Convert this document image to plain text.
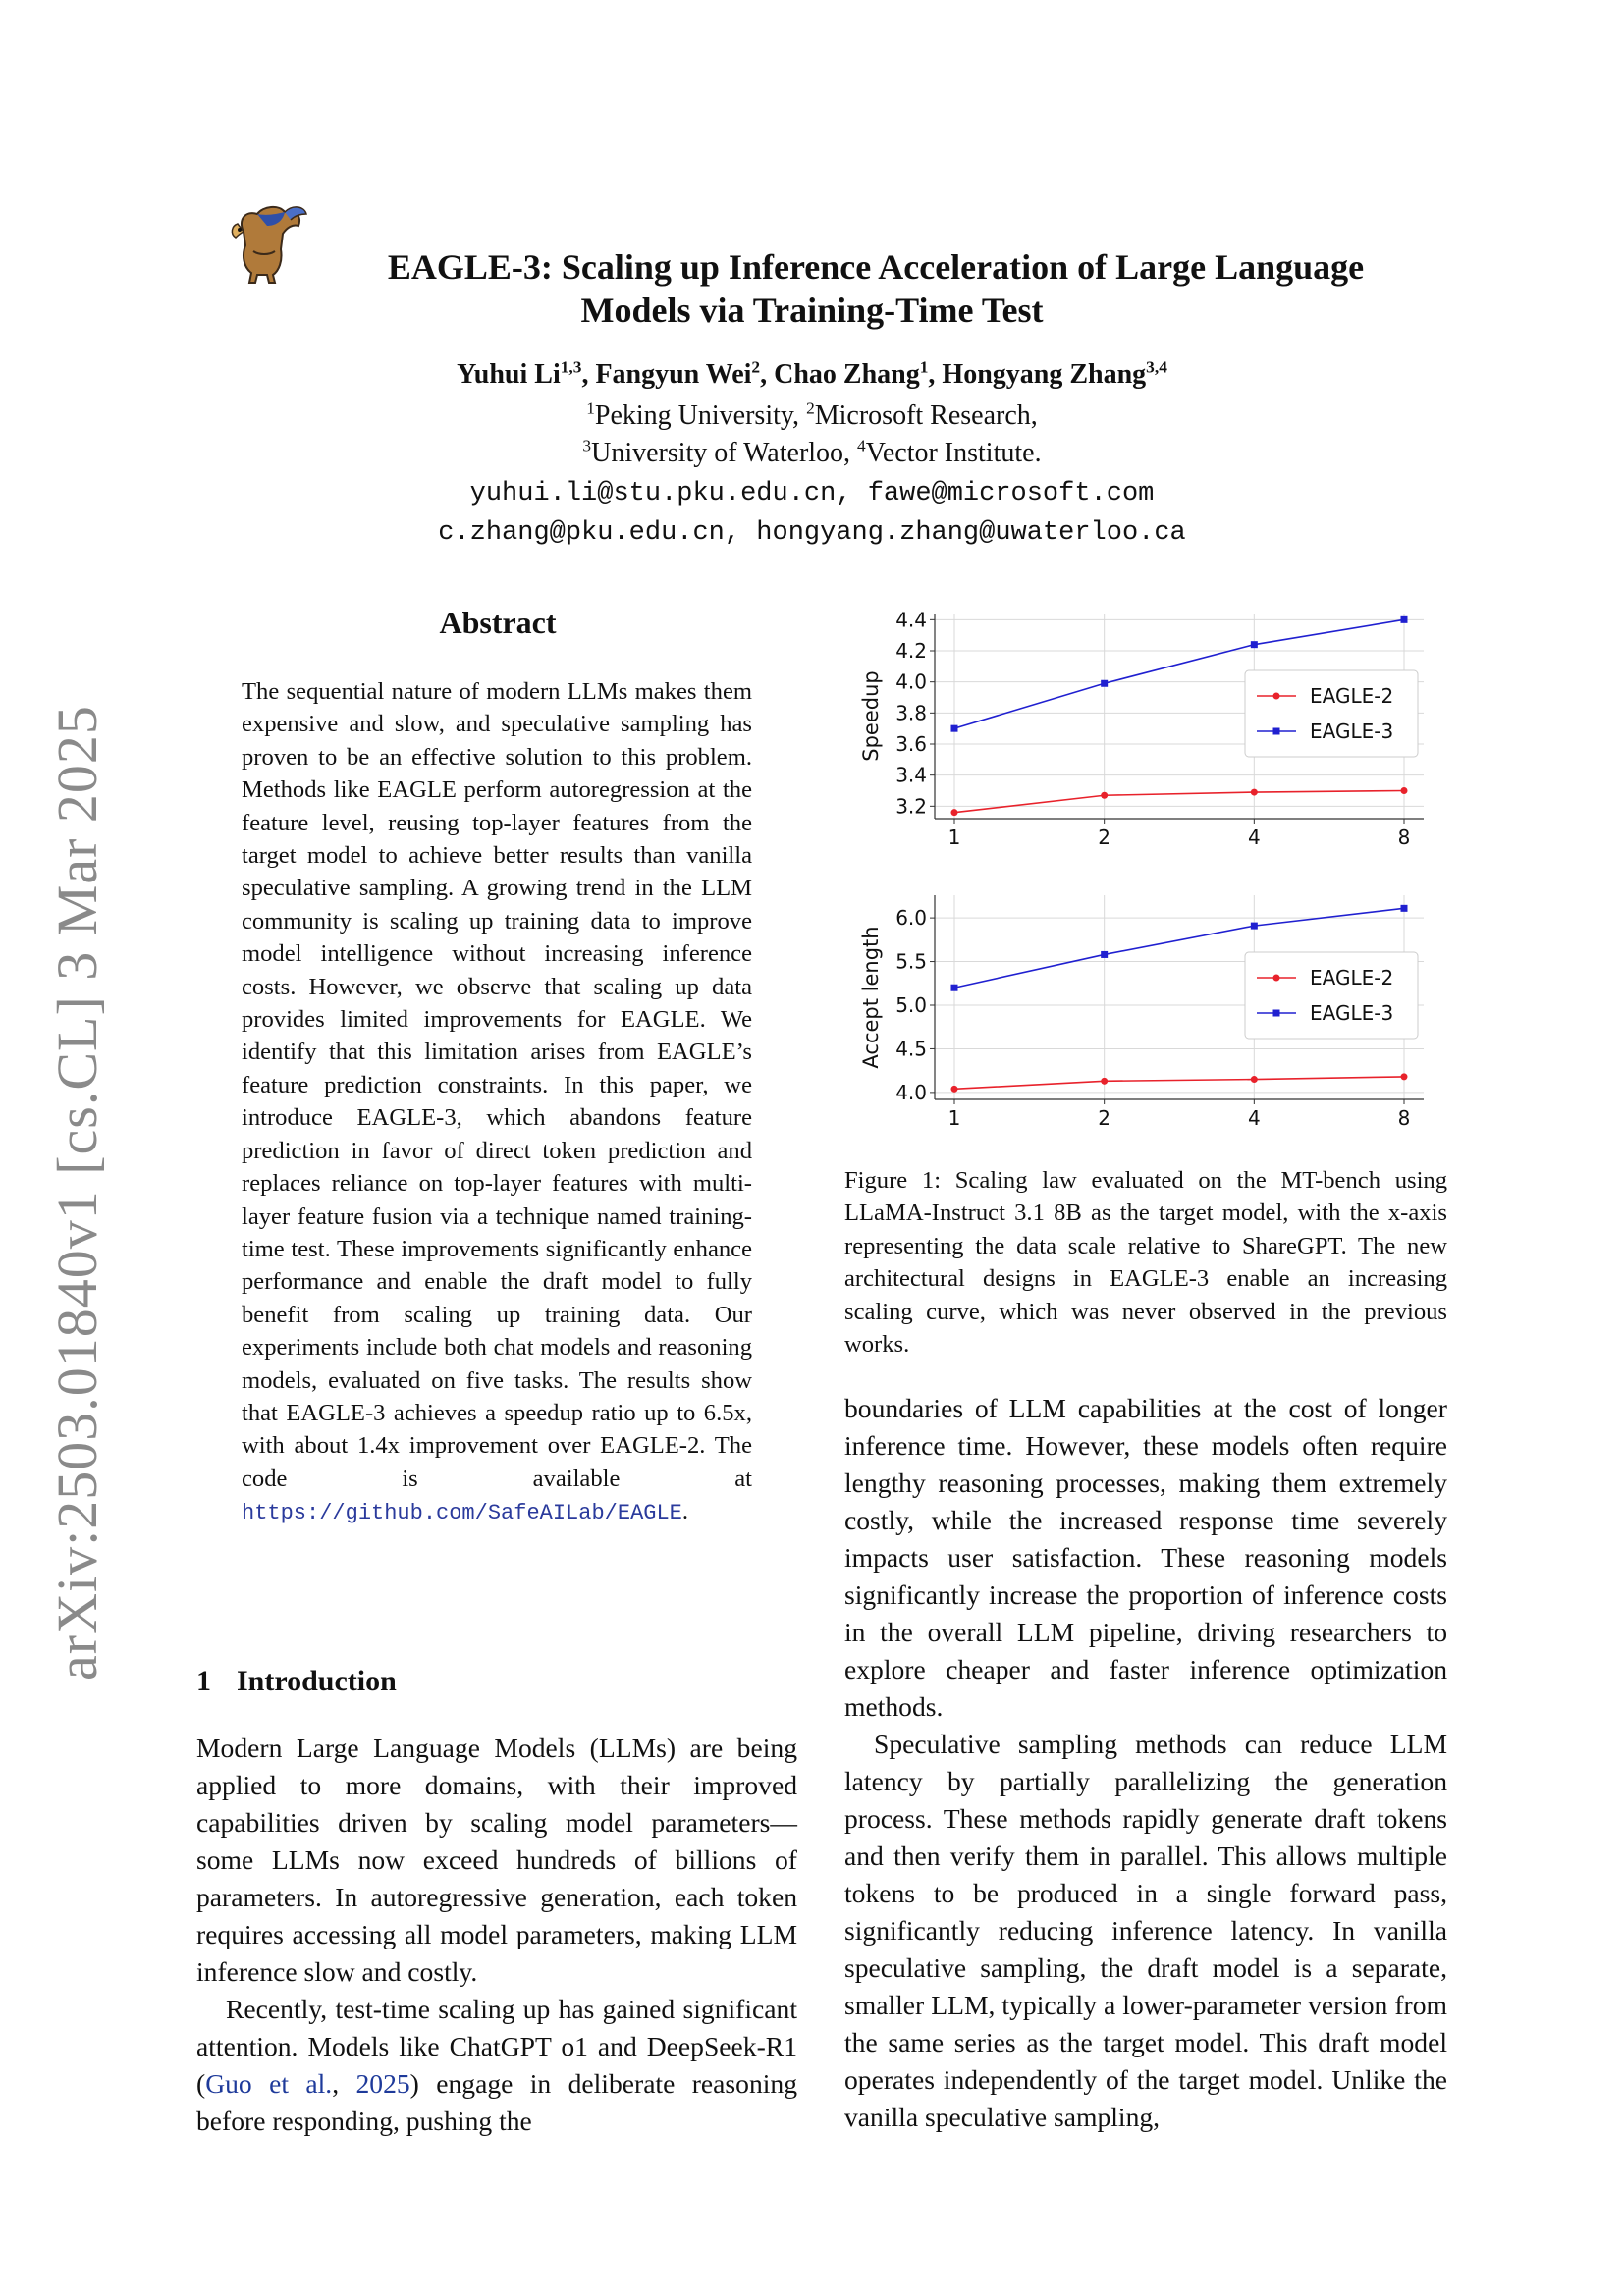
arXiv:2503.01840v1 [cs.CL] 3 Mar 2025
EAGLE-3: Scaling up Inference Acceleration of Large Language
Models via Training-Time Test
Yuhui Li$^{1,3}$, Fangyun Wei$^2$, Chao Zhang$^1$, Hongyang Zhang$^{3,4}$
$^1$Peking University, $^2$Microsoft Research,
$^3$University of Waterloo, $^4$Vector Institute.
yuhui.li@stu.pku.edu.cn, fawe@microsoft.com
c.zhang@pku.edu.cn, hongyang.zhang@uwaterloo.ca
Abstract
The sequential nature of modern LLMs makes them expensive and slow, and speculative sampling has proven to be an effective solution to this problem. Methods like EAGLE perform autoregression at the feature level, reusing top-layer features from the target model to achieve better results than vanilla speculative sampling. A growing trend in the LLM community is scaling up training data to improve model intelligence without increasing inference costs. However, we observe that scaling up data provides limited improvements for EAGLE. We identify that this limitation arises from EAGLE’s feature prediction constraints. In this paper, we introduce EAGLE-3, which abandons feature prediction in favor of direct token prediction and replaces reliance on top-layer features with multi-layer feature fusion via a technique named training-time test. These improvements significantly enhance performance and enable the draft model to fully benefit from scaling up training data. Our experiments include both chat models and reasoning models, evaluated on five tasks. The results show that EAGLE-3 achieves a speedup ratio up to 6.5x, with about 1.4x improvement over EAGLE-2. The code is available at https://github.com/SafeAILab/EAGLE.
1 Introduction

Modern Large Language Models (LLMs) are being applied to more domains, with their improved capabilities driven by scaling model parameters—some LLMs now exceed hundreds of billions of parameters. In autoregressive generation, each token requires accessing all model parameters, making LLM inference slow and costly.

Recently, test-time scaling up has gained significant attention. Models like ChatGPT o1 and DeepSeek-R1 (Guo et al., 2025) engage in deliberate reasoning before responding, pushing the

3.2
3.4
3.6
3.8
4.0
4.2
4.4
1	2	4	8
Speedup	EAGLE-2
EAGLE-3
4.0
4.5
5.0
5.5
6.0
1	2	4	8
Accept length	EAGLE-2
EAGLE-3
Figure 1: Scaling law evaluated on the MT-bench using LLaMA-Instruct 3.1 8B as the target model, with the x-axis representing the data scale relative to ShareGPT. The new architectural designs in EAGLE-3 enable an increasing scaling curve, which was never observed in the previous works.

boundaries of LLM capabilities at the cost of longer inference time. However, these models often require lengthy reasoning processes, making them extremely costly, while the increased response time severely impacts user satisfaction. These reasoning models significantly increase the proportion of inference costs in the overall LLM pipeline, driving researchers to explore cheaper and faster inference optimization methods.

Speculative sampling methods can reduce LLM latency by partially parallelizing the generation process. These methods rapidly generate draft tokens and then verify them in parallel. This allows multiple tokens to be produced in a single forward pass, significantly reducing inference latency. In vanilla speculative sampling, the draft model is a separate, smaller LLM, typically a lower-parameter version from the same series as the target model. This draft model operates independently of the target model. Unlike the vanilla speculative sampling,
